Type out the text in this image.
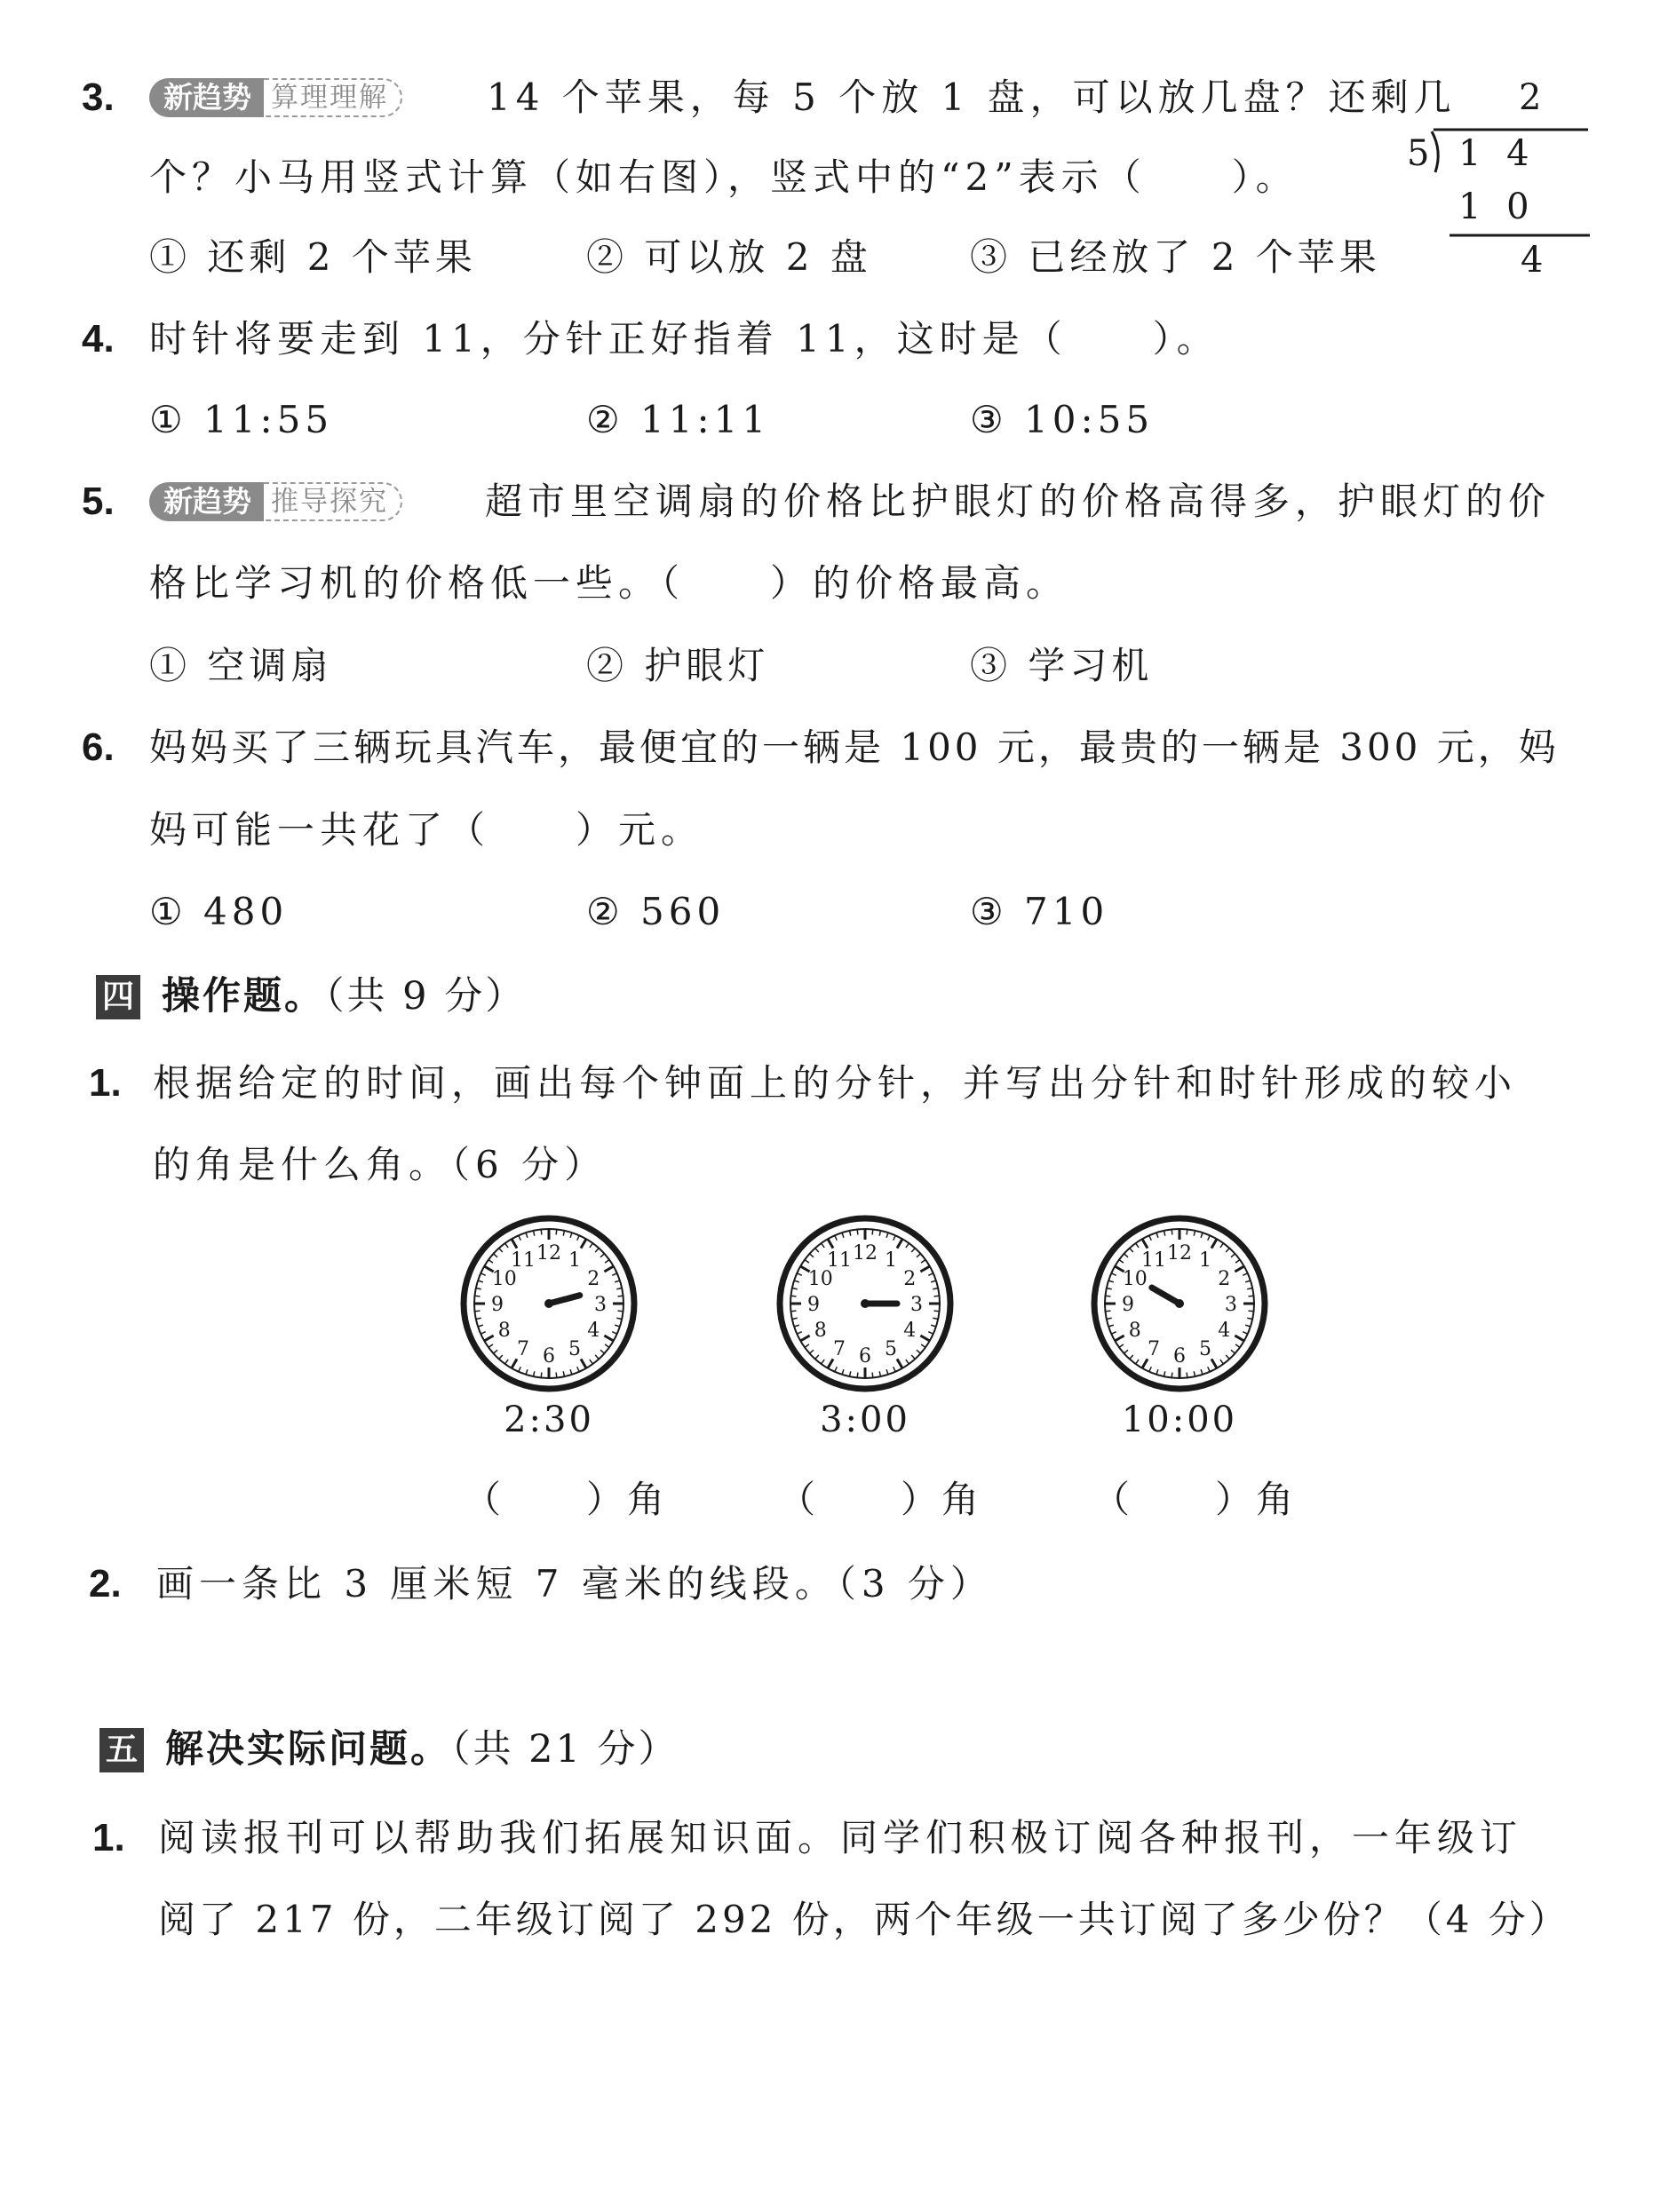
3.	新趋势 算理理解	14 个苹果，每 5 个放 1 盘，可以放几盘？还剩几
个？小马用竖式计算（如右图），竖式中的“2”表示（　　）。
① 还剩 2 个苹果	② 可以放 2 盘	③ 已经放了 2 个苹果
2
5 1 4
1 0
4
4. 时针将要走到 11，分针正好指着 11，这时是（　　）。
① 11:55	② 11:11	③ 10:55
5.	新趋势 推导探究	超市里空调扇的价格比护眼灯的价格高得多，护眼灯的价
格比学习机的价格低一些。（　　）的价格最高。
① 空调扇	② 护眼灯	③ 学习机
6. 妈妈买了三辆玩具汽车，最便宜的一辆是 100 元，最贵的一辆是 300 元，妈
妈可能一共花了（　　）元。
① 480	② 560	③ 710
四 操作题。（共 9 分）
1. 根据给定的时间，画出每个钟面上的分针，并写出分针和时针形成的较小
的角是什么角。（6 分）
1
2
3
4
5
6
7
8
9
10
11 12	1
2
3
4
5
6
7
8
9
10
11 12	1
2
3
4
5
6
7
8
9
10
11 12
2:30	3:00	10:00
（　　）角	（　　）角	（　　）角
2. 画一条比 3 厘米短 7 毫米的线段。（3 分）
五 解决实际问题。（共 21 分）
1. 阅读报刊可以帮助我们拓展知识面。同学们积极订阅各种报刊，一年级订
阅了 217 份，二年级订阅了 292 份，两个年级一共订阅了多少份？（4 分）
